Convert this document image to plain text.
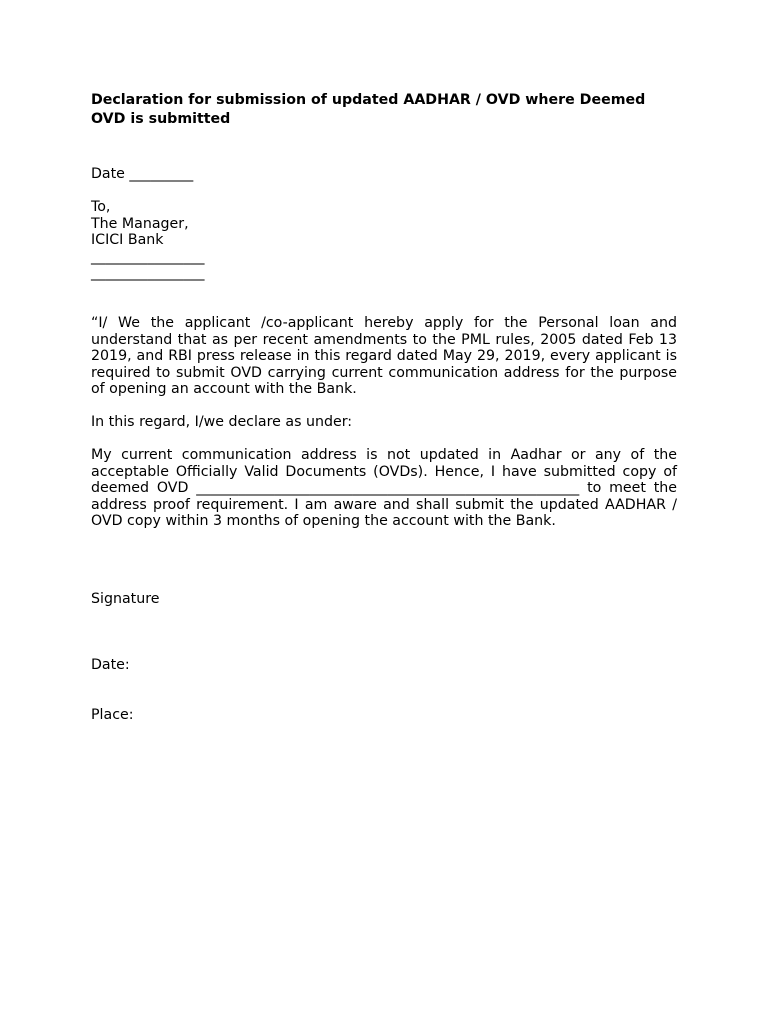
Declaration for submission of updated AADHAR / OVD where Deemed OVD is submitted

Date _________
To,
The Manager,
ICICI Bank
________________
________________

“I/ We the applicant /co-applicant hereby apply for the Personal loan and understand that as per recent amendments to the PML rules, 2005 dated Feb 13 2019, and RBI press release in this regard dated May 29, 2019, every applicant is required to submit OVD carrying current communication address for the purpose of opening an account with the Bank.

In this regard, I/we declare as under:

My current communication address is not updated in Aadhar or any of the acceptable Officially Valid Documents (OVDs). Hence, I have submitted copy of deemed OVD ______________________________________________________ to meet the address proof requirement. I am aware and shall submit the updated AADHAR / OVD copy within 3 months of opening the account with the Bank.

Signature

Date:

Place:
